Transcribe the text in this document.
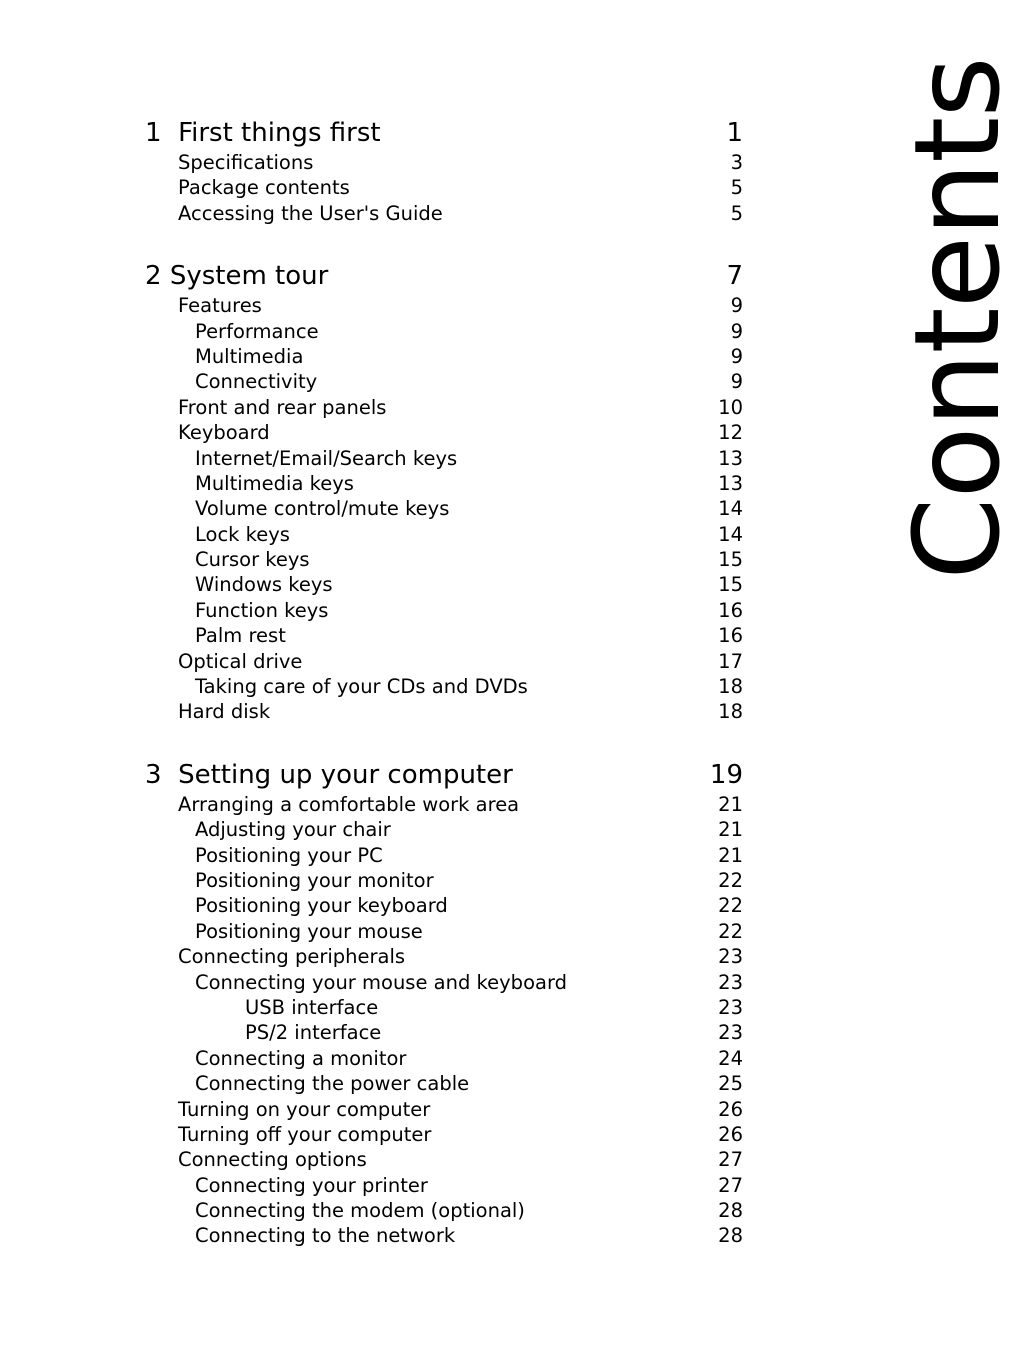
1 First things first	1
Specifications	3
Package contents	5
Accessing the User's Guide	5
2 System tour	7
Features	9
Performance	9
Multimedia	9
Connectivity	9
Front and rear panels	10
Keyboard	12
Internet/Email/Search keys	13
Multimedia keys	13
Volume control/mute keys	14
Lock keys	14
Cursor keys	15
Windows keys	15
Function keys	16
Palm rest	16
Optical drive	17
Taking care of your CDs and DVDs	18
Hard disk	18
3 Setting up your computer	19
Arranging a comfortable work area	21
Adjusting your chair	21
Positioning your PC	21
Positioning your monitor	22
Positioning your keyboard	22
Positioning your mouse	22
Connecting peripherals	23
Connecting your mouse and keyboard	23
USB interface	23
PS/2 interface	23
Connecting a monitor	24
Connecting the power cable	25
Turning on your computer	26
Turning off your computer	26
Connecting options	27
Connecting your printer	27
Connecting the modem (optional)	28
Connecting to the network	28
Contents
